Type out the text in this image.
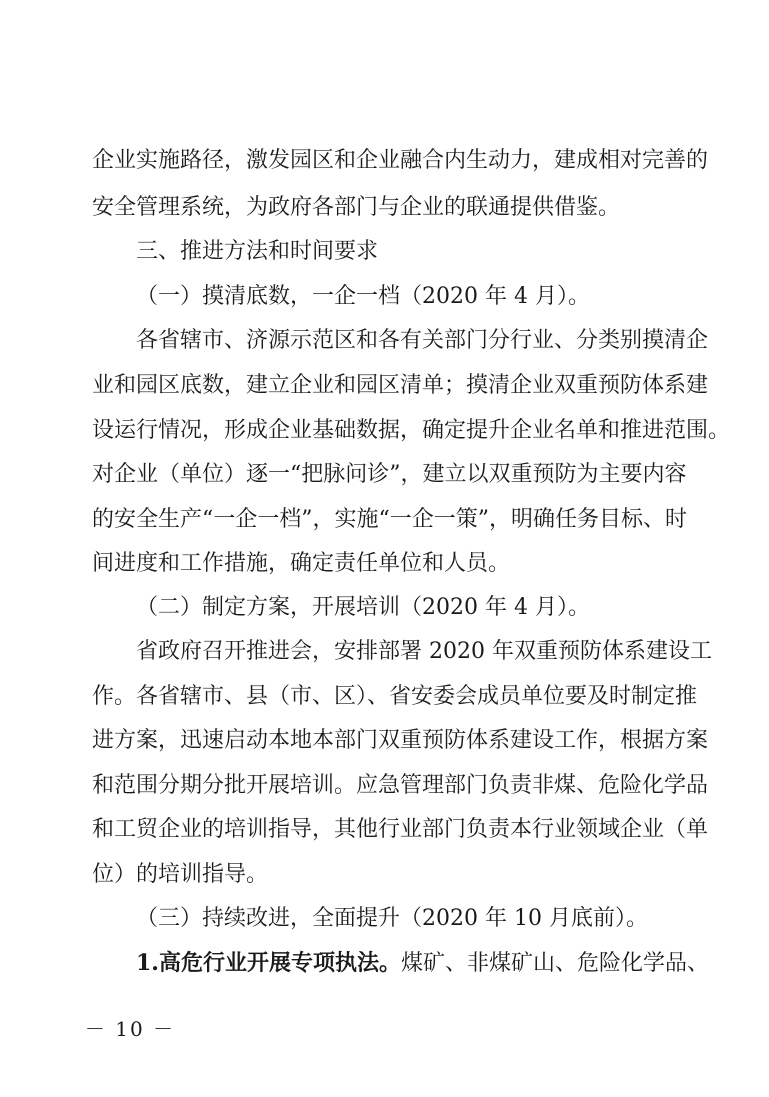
企业实施路径，激发园区和企业融合内生动力，建成相对完善的
安全管理系统，为政府各部门与企业的联通提供借鉴。
三、推进方法和时间要求
（一）摸清底数，一企一档（2020 年 4 月）。
各省辖市、济源示范区和各有关部门分行业、分类别摸清企
业和园区底数，建立企业和园区清单；摸清企业双重预防体系建
设运行情况，形成企业基础数据，确定提升企业名单和推进范围。
对企业（单位）逐一“把脉问诊”，建立以双重预防为主要内容
的安全生产“一企一档”，实施“一企一策”，明确任务目标、时
间进度和工作措施，确定责任单位和人员。
（二）制定方案，开展培训（2020 年 4 月）。
省政府召开推进会，安排部署 2020 年双重预防体系建设工
作。各省辖市、县（市、区）、省安委会成员单位要及时制定推
进方案，迅速启动本地本部门双重预防体系建设工作，根据方案
和范围分期分批开展培训。应急管理部门负责非煤、危险化学品
和工贸企业的培训指导，其他行业部门负责本行业领域企业（单
位）的培训指导。
（三）持续改进，全面提升（2020 年 10 月底前）。
1.高危行业开展专项执法。煤矿、非煤矿山、危险化学品、
－ 10 －
